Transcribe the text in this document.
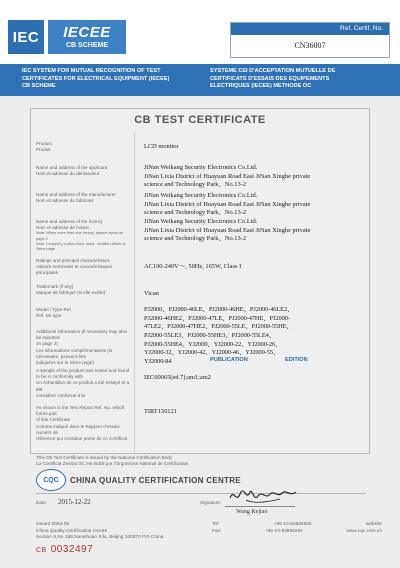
IEC	IECEE
CB SCHEME
Ref. Certif. No.
CN36007
IEC SYSTEM FOR MUTUAL RECOGNITION OF TEST
CERTIFICATES FOR ELECTRICAL EQUIPMENT (IECEE)
CB SCHEME
SYSTEME CEI D'ACCEPTATION MUTUELLE DE
CERTIFICATS D'ESSAIS DES EQUIPEMENTS
ELECTRIQUES (IECEE) METHODE OC
CB TEST CERTIFICATE
Product
Produit	LCD monitor
Name and address of the applicant
Nom et adresse du demandeur
JiNan Weikang Security Electronics Co.Ltd.
JiNan Lixia District of Huayuan Road East JiNan Xinghe private
science and Technology Park、No.13-2
Name and address of the manufacturer
Nom et adresse du fabricant
JiNan Weikang Security Electronics Co.Ltd.
JiNan Lixia District of Huayuan Road East JiNan Xinghe private
science and Technology Park、No.13-2
Name and address of the factory
Nom et adresse de l'usine
Note: When more than one factory, please report on page 2
Note: Lorsqu'il y a plus d'une usine, veuillez utiliser la 2ème page
JiNan Weikang Security Electronics Co.Ltd.
JiNan Lixia District of Huayuan Road East JiNan Xinghe private
science and Technology Park、No.13-2
Ratings and principal characteristics
Valeurs nominales et caractéristiques principales
AC100-240V～, 50Hz, 165W, Class I
Trademark (if any)
Marque de fabrique (si elle existe)	Vican
Model / Type Ref.
Ref. De type
PJ2000、PJ2000-46LE、PJ2000-46HE、PJ2000-46LE2、
PJ2000-46HE2、PJ2000-47LE、PJ2000-47HE、PJ2000-
47LE2、PJ2000-47HE2、PJ2000-55LE、PJ2000-55HE、
PJ2000-55LE3、PJ2000-55HE3、PJ2000-55LE4、
PJ2000-55HE4、YJ2000、YJ2000-22、YJ2000-26、
YJ2000-32、YJ2000-42、YJ2000-46、YJ2000-55、
YJ2000-84
Additional information (if necessary may also be reported
on page 2)
Les informations complémentaires (si nécessaire, peuvent être
indiquées sur la 2ème page)	PUBLICATION	EDITION
A sample of the product was tested and found
to be in conformity with
Un échantillon de ce produit a été essayé et a été
considéré conforme à la
IEC60065(ed.7);am1;am2
As shown in the Test Report Ref. No. which forms part
of this Certificate
Comme indiqué dans le Rapport d'essais numéro de
référence qui constitue partie de ce Certificat
TIRT150121
This CB Test Certificate is issued by the National Certification Body
Ce Certificat d'essai OC est établi par l'Organisme National de Certification
CQC	CHINA QUALITY CERTIFICATION CENTRE
Date: 2015-12-22	Signature:
Wang Kejiao
Issued 2003-05
China Quality Certification Centre
Section 9,No.188,Nansihuan Xilu, Beijing 100070 P.R.China
Tel:	+86-10-83886666	website
Fax:	+86-10-83886282	www.cqc.com.cn
CB 0032497
